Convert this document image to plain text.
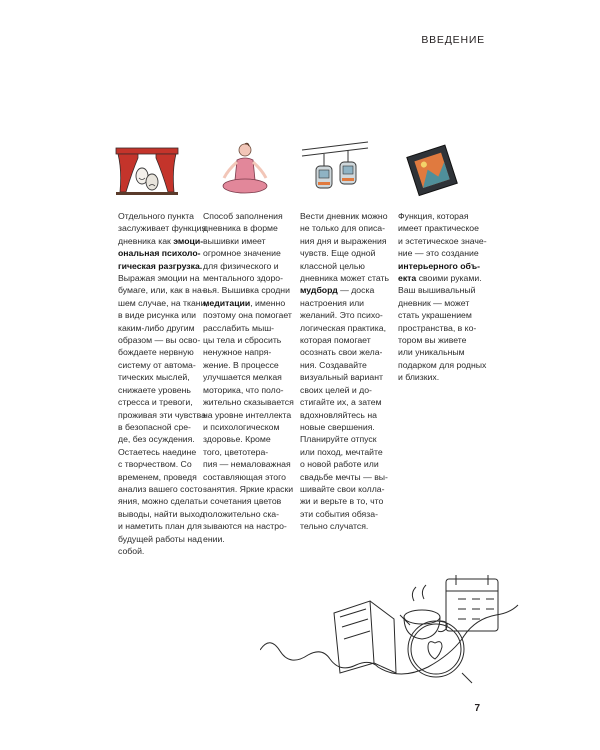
ВВЕДЕНИЕ
Отдельного пункта
заслуживает функция
дневника как эмоци-
ональная психоло-
гическая разгрузка.
Выражая эмоции на
бумаге, или, как в на-
шем случае, на ткани,
в виде рисунка или
каким-либо другим
образом — вы осво-
бождаете нервную
систему от автома-
тических мыслей,
снижаете уровень
стресса и тревоги,
проживая эти чувства
в безопасной сре-
де, без осуждения.
Остаетесь наедине
с творчеством. Со
временем, проведя
анализ вашего состо-
яния, можно сделать
выводы, найти выход
и наметить план для
будущей работы над
собой.
Способ заполнения
дневника в форме
вышивки имеет
огромное значение
для физического и
ментального здоро-
вья. Вышивка сродни
медитации, именно
поэтому она помогает
расслабить мыш-
цы тела и сбросить
ненужное напря-
жение. В процессе
улучшается мелкая
моторика, что поло-
жительно сказывается
на уровне интеллекта
и психологическом
здоровье. Кроме
того, цветотера-
пия — немаловажная
составляющая этого
занятия. Яркие краски
и сочетания цветов
положительно ска-
зываются на настро-
ении.
Вести дневник можно
не только для описа-
ния дня и выражения
чувств. Еще одной
классной целью
дневника может стать
мудборд — доска
настроения или
желаний. Это психо-
логическая практика,
которая помогает
осознать свои жела-
ния. Создавайте
визуальный вариант
своих целей и до-
стигайте их, а затем
вдохновляйтесь на
новые свершения.
Планируйте отпуск
или поход, мечтайте
о новой работе или
свадьбе мечты — вы-
шивайте свои колла-
жи и верьте в то, что
эти события обяза-
тельно случатся.
Функция, которая
имеет практическое
и эстетическое значе-
ние — это создание
интерьерного объ-
екта своими руками.
Ваш вышивальный
дневник — может
стать украшением
пространства, в ко-
тором вы живете
или уникальным
подарком для родных
и близких.
7
